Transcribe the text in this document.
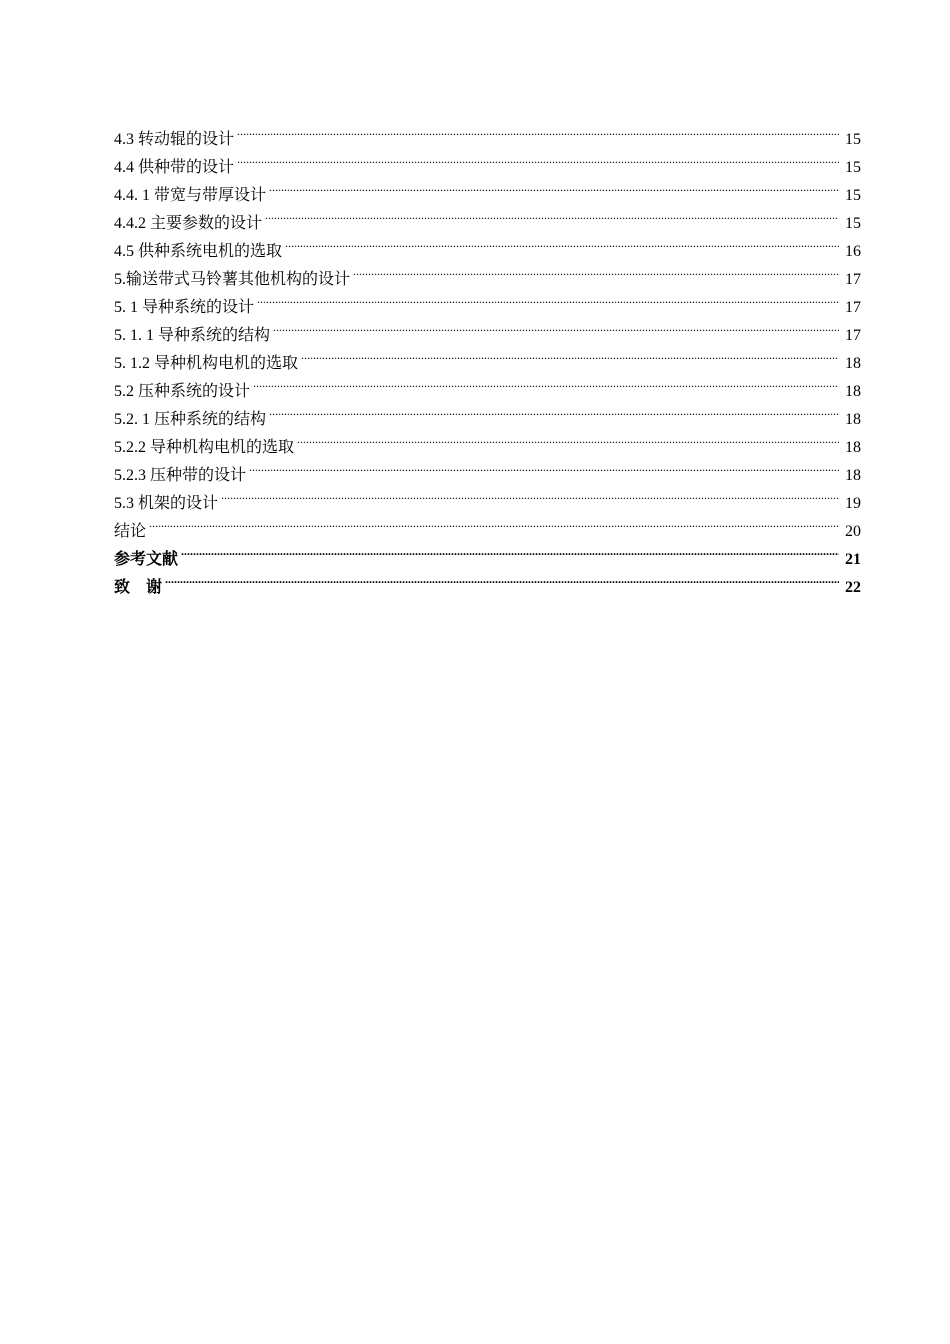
4.3 转动辊的设计 .....	15
4.4 供种带的设计 .....	15
4.4. 1 带宽与带厚设计 .....	15
4.4.2 主要参数的设计 .....	15
4.5 供种系统电机的选取 .....	16
5.输送带式马铃薯其他机构的设计 .....	17
5. 1 导种系统的设计 .....	17
5. 1. 1 导种系统的结构 .....	17
5. 1.2 导种机构电机的选取 .....	18
5.2 压种系统的设计 .....	18
5.2. 1 压种系统的结构 .....	18
5.2.2 导种机构电机的选取 .....	18
5.2.3 压种带的设计 .....	18
5.3 机架的设计 .....	19
结论 .....	20
参考文献 .....	21
致　谢 .....	22
